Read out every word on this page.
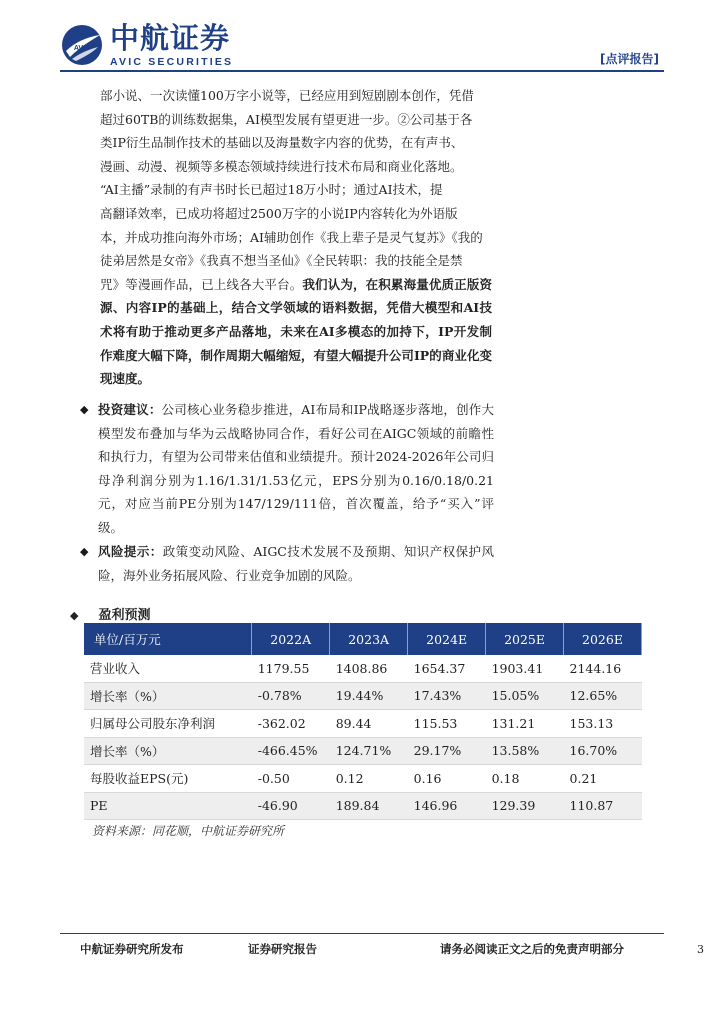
AVIC 中航证券
AVIC SECURITIES	[点评报告]

部小说、一次读懂100万字小说等，已经应用到短剧剧本创作，凭借

超过60TB的训练数据集，AI模型发展有望更进一步。②公司基于各

类IP衍生品制作技术的基础以及海量数字内容的优势，在有声书、

漫画、动漫、视频等多模态领域持续进行技术布局和商业化落地。

“AI主播”录制的有声书时长已超过18万小时；通过AI技术，提

高翻译效率，已成功将超过2500万字的小说IP内容转化为外语版

本，并成功推向海外市场；AI辅助创作《我上辈子是灵气复苏》《我的

徒弟居然是女帝》《我真不想当圣仙》《全民转职：我的技能全是禁

咒》等漫画作品，已上线各大平台。我们认为，在积累海量优质正版资源、内容IP的基础上，结合文学领域的语料数据，凭借大模型和AI技术将有助于推动更多产品落地，未来在AI多模态的加持下，IP开发制作难度大幅下降，制作周期大幅缩短，有望大幅提升公司IP的商业化变现速度。

◆ 投资建议：公司核心业务稳步推进，AI布局和IP战略逐步落地，创作大模型发布叠加与华为云战略协同合作，看好公司在AIGC领域的前瞻性和执行力，有望为公司带来估值和业绩提升。预计2024-2026年公司归母净利润分别为1.16/1.31/1.53亿元，EPS分别为0.16/0.18/0.21元，对应当前PE分别为147/129/111倍，首次覆盖，给予“买入”评级。
◆ 风险提示：政策变动风险、AIGC技术发展不及预期、知识产权保护风险，海外业务拓展风险、行业竞争加剧的风险。
◆ 盈利预测
单位/百万元	2022A	2023A	2024E	2025E	2026E
营业收入	1179.55	1408.86	1654.37	1903.41	2144.16
增长率（%）	-0.78%	19.44%	17.43%	15.05%	12.65%
归属母公司股东净利润	-362.02	89.44	115.53	131.21	153.13
增长率（%）	-466.45%	124.71%	29.17%	13.58%	16.70%
每股收益EPS(元)	-0.50	0.12	0.16	0.18	0.21
PE	-46.90	189.84	146.96	129.39	110.87
资料来源：同花顺，中航证券研究所
中航证券研究所发布	证券研究报告	请务必阅读正文之后的免责声明部分	3
